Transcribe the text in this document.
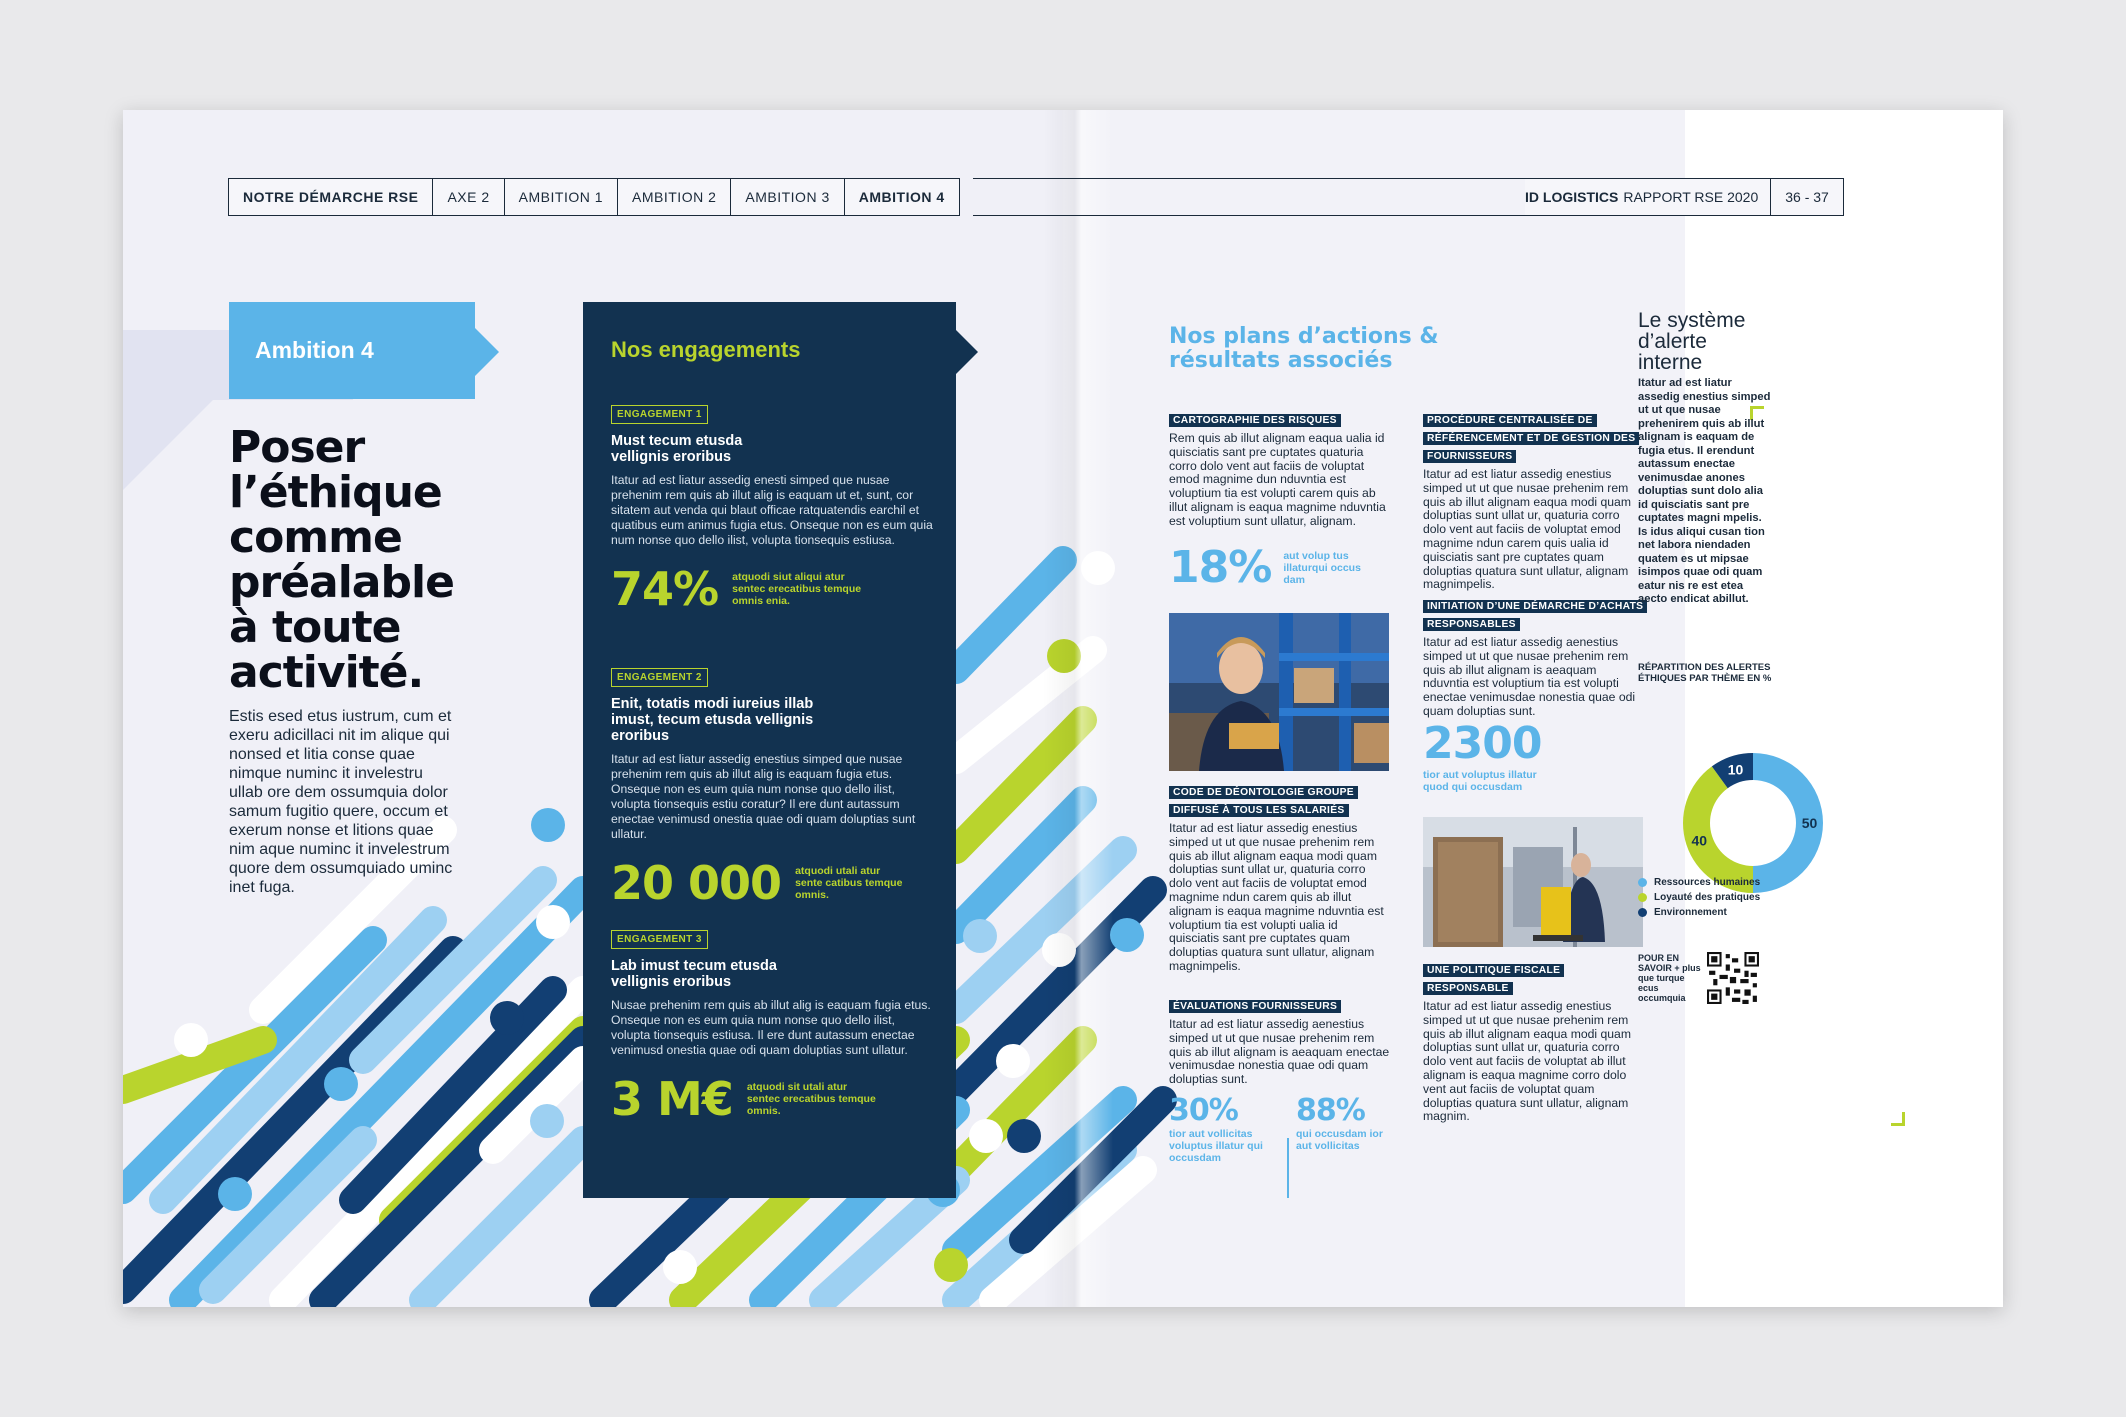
NOTRE DÉMARCHE RSE	AXE 2	AMBITION 1	AMBITION 2	AMBITION 3	AMBITION 4	ID LOGISTICS RAPPORT RSE 2020	36 - 37
Ambition 4
Poser
l’éthique
comme
préalable
à toute
activité.
Estis esed etus iustrum, cum et exeru adicillaci nit im alique qui nonsed et litia conse quae nimque numinc it invelestru ullab ore dem ossumquia dolor samum fugitio quere, occum et exerum nonse et litions quae nim aque numinc it invelestrum quore dem ossumquiado uminc inet fuga.
Nos engagements
ENGAGEMENT 1
Must tecum etusda vellignis eroribus
Itatur ad est liatur assedig enesti simped que nusae prehenim rem quis ab illut alig is eaquam ut et, sunt, cor sitatem aut venda qui blaut officae ratquatendis earchil et quatibus eum animus fugia etus. Onseque non es eum quia num nonse quo dello ilist, volupta tionsequis estiusa.
74% atquodi siut aliqui atur sentec erecatibus temque omnis enia.
ENGAGEMENT 2
Enit, totatis modi iureius illab imust, tecum etusda vellignis eroribus
Itatur ad est liatur assedig enestius simped que nusae prehenim rem quis ab illut alig is eaquam fugia etus. Onseque non es eum quia num nonse quo dello ilist, volupta tionsequis estiu coratur? Il ere dunt autassum enectae venimusd onestia quae odi quam doluptias sunt ullatur.
20 000 atquodi utali atur sente catibus temque omnis.
ENGAGEMENT 3
Lab imust tecum etusda vellignis eroribus
Nusae prehenim rem quis ab illut alig is eaquam fugia etus. Onseque non es eum quia num nonse quo dello ilist, volupta tionsequis estiusa. Il ere dunt autassum enectae venimusd onestia quae odi quam doluptias sunt ullatur.
3 M€ atquodi sit utali atur sentec erecatibus temque omnis.
Nos plans d’actions & résultats associés
CARTOGRAPHIE DES RISQUES
Rem quis ab illut alignam eaqua ualia id quisciatis sant pre cuptates quaturia corro dolo vent aut faciis de voluptat emod magnime dun nduvntia est voluptium tia est volupti carem quis ab illut alignam is eaqua magnime nduvntia est voluptium sunt ullatur, alignam.
18% aut volup tus illaturqui occus dam
CODE DE DÉONTOLOGIE GROUPE DIFFUSÉ À TOUS LES SALARIÉS
Itatur ad est liatur assedig enestius simped ut ut que nusae prehenim rem quis ab illut alignam eaqua modi quam doluptias sunt ullat ur, quaturia corro dolo vent aut faciis de voluptat emod magnime ndun carem quis ab illut alignam is eaqua magnime nduvntia est voluptium tia est volupti ualia id quisciatis sant pre cuptates quam doluptias quatura sunt ullatur, alignam magnimpelis.
ÉVALUATIONS FOURNISSEURS
Itatur ad est liatur assedig aenestius simped ut ut que nusae prehenim rem quis ab illut alignam is aeaquam enectae venimusdae nonestia quae odi quam doluptias sunt.
30%
tior aut vollicitas voluptus illatur qui occusdam
88%
qui occusdam ior aut vollicitas
PROCÉDURE CENTRALISÉE DE RÉFÉRENCEMENT ET DE GESTION DES FOURNISSEURS
Itatur ad est liatur assedig enestius simped ut ut que nusae prehenim rem quis ab illut alignam eaqua modi quam doluptias sunt ullat ur, quaturia corro dolo vent aut faciis de voluptat emod magnime ndun carem quis ualia id quisciatis sant pre cuptates quam doluptias quatura sunt ullatur, alignam magnimpelis.
INITIATION D’UNE DÉMARCHE D’ACHATS RESPONSABLES
Itatur ad est liatur assedig aenestius simped ut ut que nusae prehenim rem quis ab illut alignam is aeaquam nduvntia est voluptium tia est volupti enectae venimusdae nonestia quae odi quam doluptias sunt.
2300
tior aut voluptus illatur quod qui occusdam
UNE POLITIQUE FISCALE RESPONSABLE
Itatur ad est liatur assedig enestius simped ut ut que nusae prehenim rem quis ab illut alignam eaqua modi quam doluptias sunt ullat ur, quaturia corro dolo vent aut faciis de voluptat ab illut alignam is eaqua magnime corro dolo vent aut faciis de voluptat quam doluptias quatura sunt ullatur, alignam magnim.
Le système d’alerte interne
Itatur ad est liatur assedig enestius simped ut ut que nusae prehenirem quis ab illut alignam is eaquam de fugia etus. Il erendunt autassum enectae venimusdae anones doluptias sunt dolo alia id quisciatis sant pre cuptates magni mpelis. Is idus aliqui cusan tion net labora niendaden quatem es ut mipsae isimpos quae odi quam eatur nis re est etea aecto endicat abillut.
RÉPARTITION DES ALERTES ÉTHIQUES PAR THÈME EN %
50
40
10
Ressources humaines
Loyauté des pratiques
Environnement
POUR EN SAVOIR + plus que turque ecus occumquia
